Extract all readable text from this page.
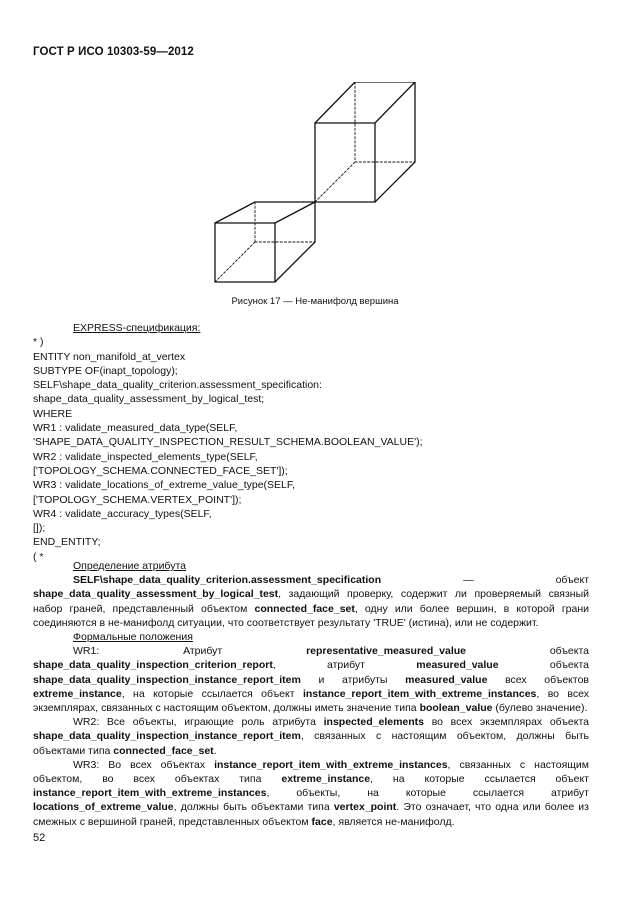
ГОСТ Р ИСО 10303-59—2012
Рисунок 17 — Не-манифолд вершина
EXPRESS-спецификация:
* )
ENTITY non_manifold_at_vertex
SUBTYPE OF(inapt_topology);
SELF\shape_data_quality_criterion.assessment_specification:
shape_data_quality_assessment_by_logical_test;
WHERE
WR1 : validate_measured_data_type(SELF,
'SHAPE_DATA_QUALITY_INSPECTION_RESULT_SCHEMA.BOOLEAN_VALUE');
WR2 : validate_inspected_elements_type(SELF,
['TOPOLOGY_SCHEMA.CONNECTED_FACE_SET']);
WR3 : validate_locations_of_extreme_value_type(SELF,
['TOPOLOGY_SCHEMA.VERTEX_POINT']);
WR4 : validate_accuracy_types(SELF,
[]);
END_ENTITY;
( *

Определение атрибута

SELF\shape_data_quality_criterion.assessment_specification — объект shape_data_quality_assessment_by_logical_test, задающий проверку, содержит ли проверяемый связный набор граней, представленный объектом connected_face_set, одну или более вершин, в которой грани соединяются в не-манифолд ситуации, что соответствует результату 'TRUE' (истина), или не содержит.

Формальные положения

WR1: Атрибут representative_measured_value объекта shape_data_quality_inspection_criterion_report, атрибут measured_value объекта shape_data_quality_inspection_instance_report_item и атрибуты measured_value всех объектов extreme_instance, на которые ссылается объект instance_report_item_with_extreme_instances, во всех экземплярах, связанных с настоящим объектом, должны иметь значение типа boolean_value (булево значение).

WR2: Все объекты, играющие роль атрибута inspected_elements во всех экземплярах объекта shape_data_quality_inspection_instance_report_item, связанных с настоящим объектом, должны быть объектами типа connected_face_set.

WR3: Во всех объектах instance_report_item_with_extreme_instances, связанных с настоящим объектом, во всех объектах типа extreme_instance, на которые ссылается объект instance_report_item_with_extreme_instances, объекты, на которые ссылается атрибут locations_of_extreme_value, должны быть объектами типа vertex_point. Это означает, что одна или более из смежных с вершиной граней, представленных объектом face, является не-манифолд.

52
